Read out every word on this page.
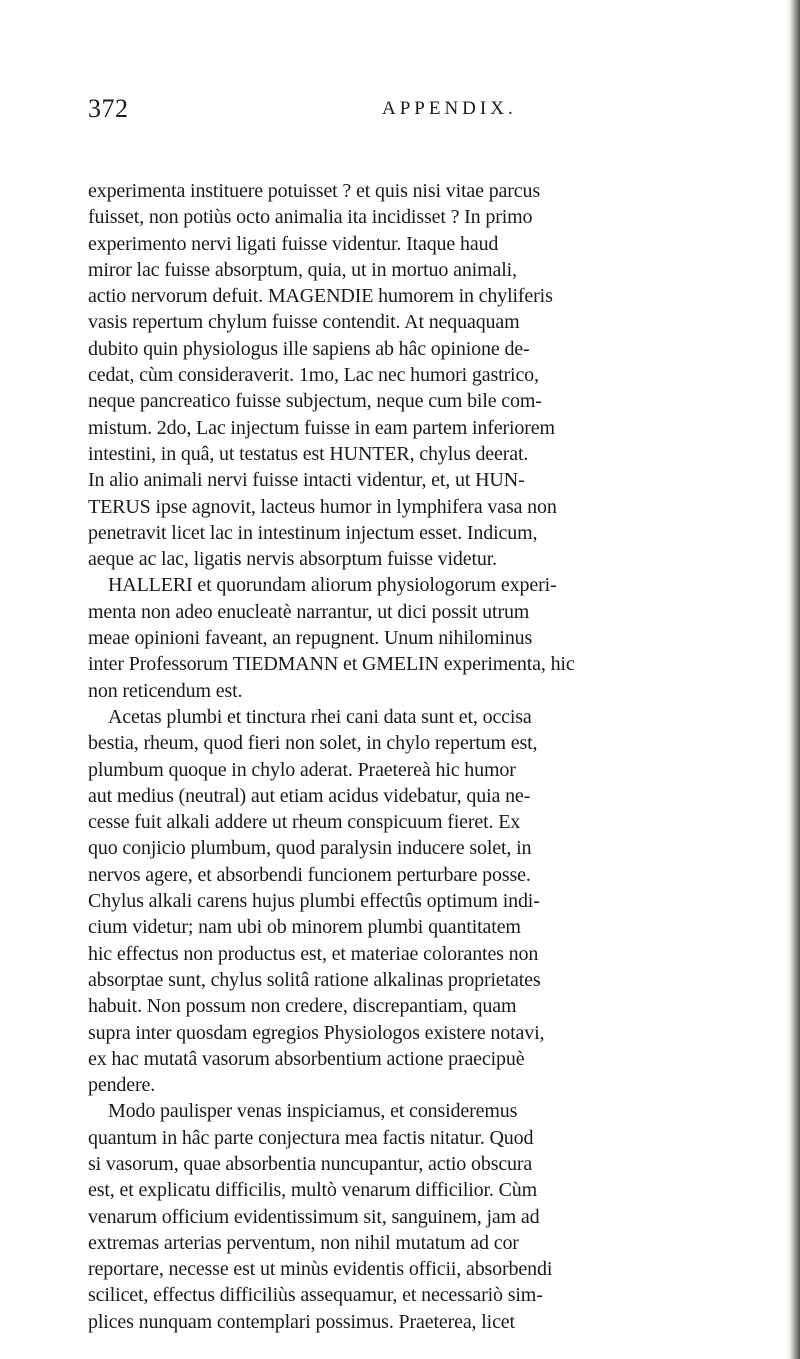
372	APPENDIX.
experimenta instituere potuisset ? et quis nisi vitae parcus
fuisset, non potiùs octo animalia ita incidisset ? In primo
experimento nervi ligati fuisse videntur. Itaque haud
miror lac fuisse absorptum, quia, ut in mortuo animali,
actio nervorum defuit. MAGENDIE humorem in chyliferis
vasis repertum chylum fuisse contendit. At nequaquam
dubito quin physiologus ille sapiens ab hâc opinione de-
cedat, cùm consideraverit. 1mo, Lac nec humori gastrico,
neque pancreatico fuisse subjectum, neque cum bile com-
mistum. 2do, Lac injectum fuisse in eam partem inferiorem
intestini, in quâ, ut testatus est HUNTER, chylus deerat.
In alio animali nervi fuisse intacti videntur, et, ut HUN-
TERUS ipse agnovit, lacteus humor in lymphifera vasa non
penetravit licet lac in intestinum injectum esset. Indicum,
aeque ac lac, ligatis nervis absorptum fuisse videtur.
HALLERI et quorundam aliorum physiologorum experi-
menta non adeo enucleatè narrantur, ut dici possit utrum
meae opinioni faveant, an repugnent. Unum nihilominus
inter Professorum TIEDMANN et GMELIN experimenta, hic
non reticendum est.
Acetas plumbi et tinctura rhei cani data sunt et, occisa
bestia, rheum, quod fieri non solet, in chylo repertum est,
plumbum quoque in chylo aderat. Praetereà hic humor
aut medius (neutral) aut etiam acidus videbatur, quia ne-
cesse fuit alkali addere ut rheum conspicuum fieret. Ex
quo conjicio plumbum, quod paralysin inducere solet, in
nervos agere, et absorbendi funcionem perturbare posse.
Chylus alkali carens hujus plumbi effectûs optimum indi-
cium videtur; nam ubi ob minorem plumbi quantitatem
hic effectus non productus est, et materiae colorantes non
absorptae sunt, chylus solitâ ratione alkalinas proprietates
habuit. Non possum non credere, discrepantiam, quam
supra inter quosdam egregios Physiologos existere notavi,
ex hac mutatâ vasorum absorbentium actione praecipuè
pendere.
Modo paulisper venas inspiciamus, et consideremus
quantum in hâc parte conjectura mea factis nitatur. Quod
si vasorum, quae absorbentia nuncupantur, actio obscura
est, et explicatu difficilis, multò venarum difficilior. Cùm
venarum officium evidentissimum sit, sanguinem, jam ad
extremas arterias perventum, non nihil mutatum ad cor
reportare, necesse est ut minùs evidentis officii, absorbendi
scilicet, effectus difficiliùs assequamur, et necessariò sim-
plices nunquam contemplari possimus. Praeterea, licet
